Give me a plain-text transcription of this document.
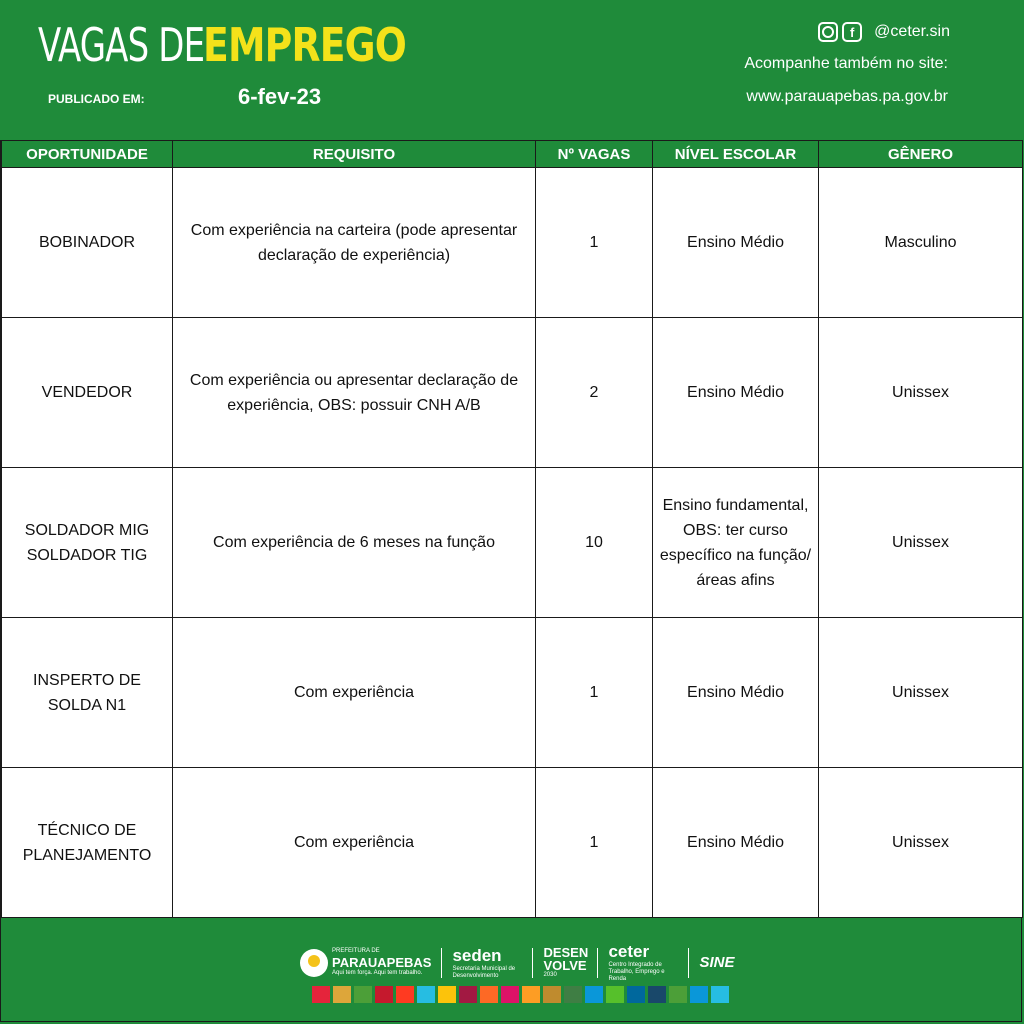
VAGAS DEEMPREGO
PUBLICADO EM:	6-fev-23
f	@ceter.sin
Acompanhe também no site:
www.parauapebas.pa.gov.br
OPORTUNIDADE	REQUISITO	Nº VAGAS	NÍVEL ESCOLAR	GÊNERO
BOBINADOR	Com experiência na carteira (pode apresentar declaração de experiência)	1	Ensino Médio	Masculino
VENDEDOR	Com experiência ou apresentar declaração de experiência, OBS: possuir CNH A/B	2	Ensino Médio	Unissex
SOLDADOR MIG SOLDADOR TIG	Com experiência de 6 meses na função	10	Ensino fundamental, OBS: ter curso específico na função/áreas afins	Unissex
INSPERTO DE SOLDA N1	Com experiência	1	Ensino Médio	Unissex
TÉCNICO DE PLANEJAMENTO	Com experiência	1	Ensino Médio	Unissex
PREFEITURA DE
PARAUAPEBAS
Aqui tem força. Aqui tem trabalho.
seden
Secretaria Municipal de Desenvolvimento
DESEN VOLVE
2030
ceter
Centro Integrado de Trabalho, Emprego e Renda
SINE
